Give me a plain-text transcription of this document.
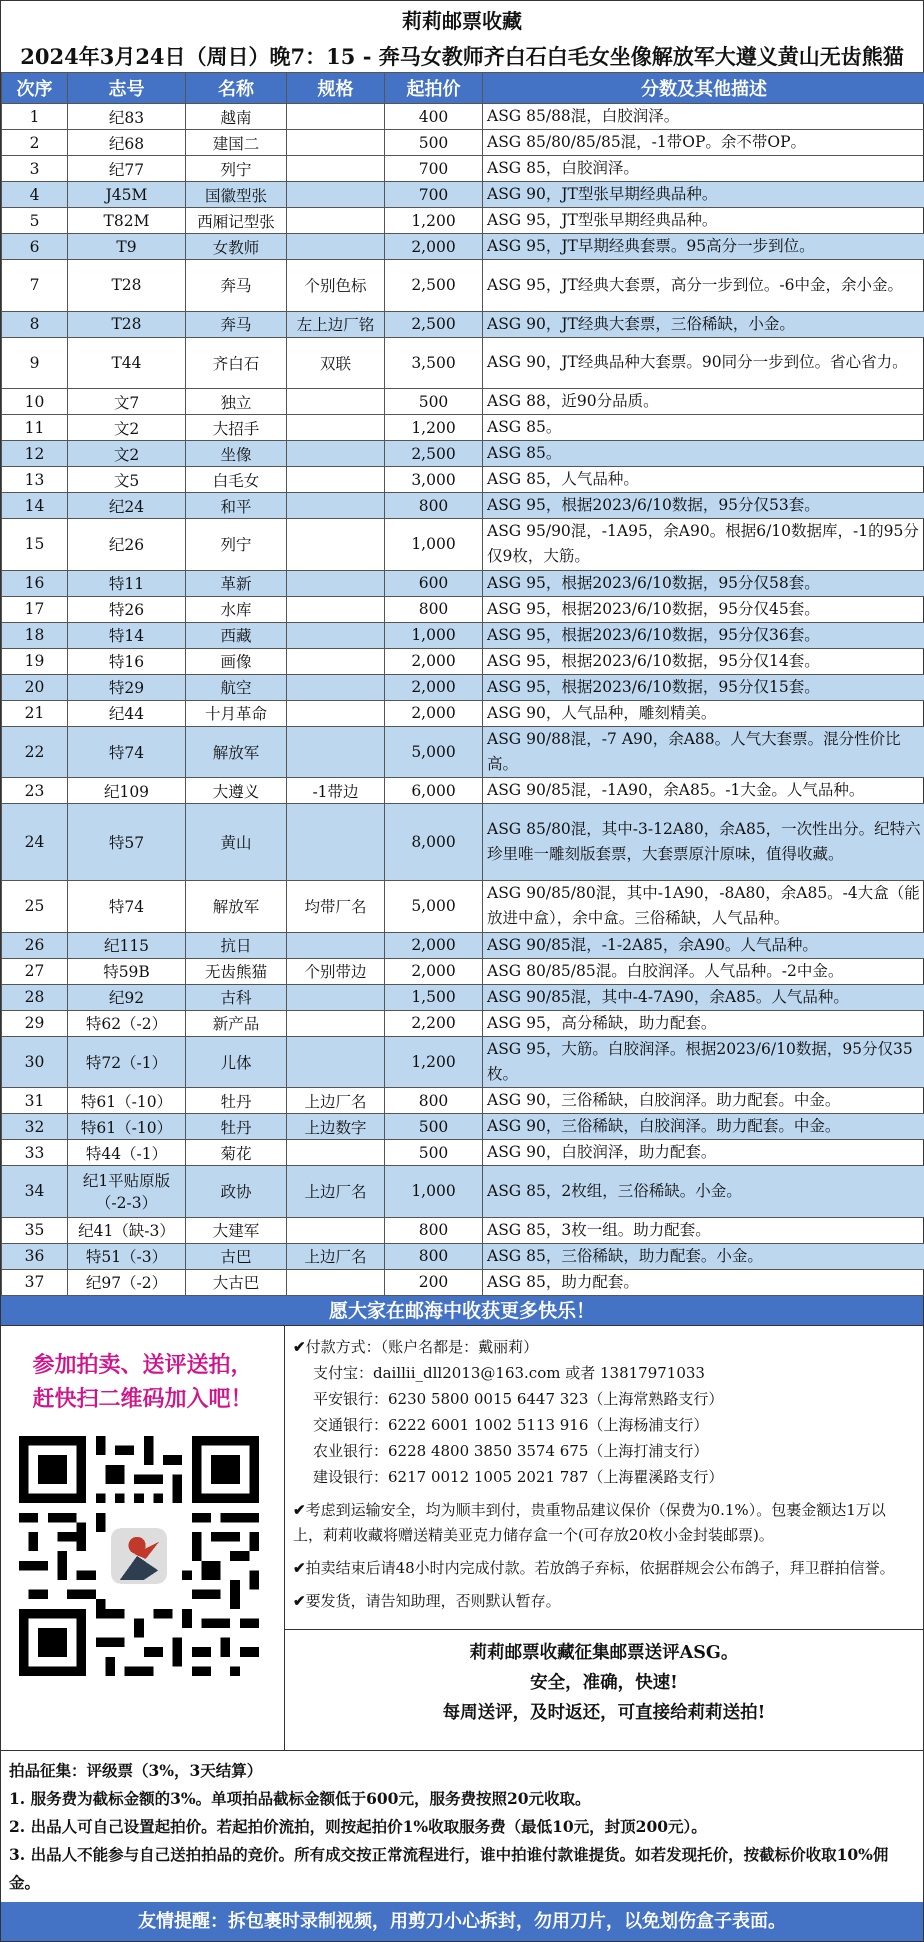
莉莉邮票收藏
2024年3月24日（周日）晚7：15 - 奔马女教师齐白石白毛女坐像解放军大遵义黄山无齿熊猫
次序	志号	名称	规格	起拍价	分数及其他描述
1	纪83	越南		400	ASG 85/88混，白胶润泽。
2	纪68	建国二		500	ASG 85/80/85/85混，-1带OP。余不带OP。
3	纪77	列宁		700	ASG 85，白胶润泽。
4	J45M	国徽型张		700	ASG 90，JT型张早期经典品种。
5	T82M	西厢记型张		1,200	ASG 95，JT型张早期经典品种。
6	T9	女教师		2,000	ASG 95，JT早期经典套票。95高分一步到位。
7	T28	奔马	个别色标	2,500	ASG 95，JT经典大套票，高分一步到位。-6中金，余小金。
8	T28	奔马	左上边厂铭	2,500	ASG 90，JT经典大套票，三俗稀缺，小金。
9	T44	齐白石	双联	3,500	ASG 90，JT经典品种大套票。90同分一步到位。省心省力。
10	文7	独立		500	ASG 88，近90分品质。
11	文2	大招手		1,200	ASG 85。
12	文2	坐像		2,500	ASG 85。
13	文5	白毛女		3,000	ASG 85，人气品种。
14	纪24	和平		800	ASG 95，根据2023/6/10数据，95分仅53套。
15	纪26	列宁		1,000	ASG 95/90混，-1A95，余A90。根据6/10数据库，-1的95分仅9枚，大筋。
16	特11	革新		600	ASG 95，根据2023/6/10数据，95分仅58套。
17	特26	水库		800	ASG 95，根据2023/6/10数据，95分仅45套。
18	特14	西藏		1,000	ASG 95，根据2023/6/10数据，95分仅36套。
19	特16	画像		2,000	ASG 95，根据2023/6/10数据，95分仅14套。
20	特29	航空		2,000	ASG 95，根据2023/6/10数据，95分仅15套。
21	纪44	十月革命		2,000	ASG 90，人气品种，雕刻精美。
22	特74	解放军		5,000	ASG 90/88混，-7 A90，余A88。人气大套票。混分性价比高。
23	纪109	大遵义	-1带边	6,000	ASG 90/85混，-1A90，余A85。-1大金。人气品种。
24	特57	黄山		8,000	ASG 85/80混，其中-3-12A80，余A85，一次性出分。纪特六珍里唯一雕刻版套票，大套票原汁原味，值得收藏。
25	特74	解放军	均带厂名	5,000	ASG 90/85/80混，其中-1A90，-8A80，余A85。-4大盒（能放进中盒），余中盒。三俗稀缺，人气品种。
26	纪115	抗日		2,000	ASG 90/85混，-1-2A85，余A90。人气品种。
27	特59B	无齿熊猫	个别带边	2,000	ASG 80/85/85混。白胶润泽。人气品种。-2中金。
28	纪92	古科		1,500	ASG 90/85混，其中-4-7A90，余A85。人气品种。
29	特62（-2）	新产品		2,200	ASG 95，高分稀缺，助力配套。
30	特72（-1）	儿体		1,200	ASG 95，大筋。白胶润泽。根据2023/6/10数据，95分仅35枚。
31	特61（-10）	牡丹	上边厂名	800	ASG 90，三俗稀缺，白胶润泽。助力配套。中金。
32	特61（-10）	牡丹	上边数字	500	ASG 90，三俗稀缺，白胶润泽。助力配套。中金。
33	特44（-1）	菊花		500	ASG 90，白胶润泽，助力配套。
34	纪1平贴原版（-2-3）	政协	上边厂名	1,000	ASG 85，2枚组，三俗稀缺。小金。
35	纪41（缺-3）	大建军		800	ASG 85，3枚一组。助力配套。
36	特51（-3）	古巴	上边厂名	800	ASG 85，三俗稀缺，助力配套。小金。
37	纪97（-2）	大古巴		200	ASG 85，助力配套。
愿大家在邮海中收获更多快乐！
参加拍卖、送评送拍，
赶快扫二维码加入吧！
✔付款方式：（账户名都是：戴丽莉）
支付宝：daillii_dll2013@163.com 或者 13817971033
平安银行：6230 5800 0015 6447 323（上海常熟路支行）
交通银行：6222 6001 1002 5113 916（上海杨浦支行）
农业银行：6228 4800 3850 3574 675（上海打浦支行）
建设银行：6217 0012 1005 2021 787（上海瞿溪路支行）
✔考虑到运输安全，均为顺丰到付，贵重物品建议保价（保费为0.1%）。包裹金额达1万以上，莉莉收藏将赠送精美亚克力储存盒一个(可存放20枚小金封装邮票)。
✔拍卖结束后请48小时内完成付款。若放鸽子弃标，依据群规会公布鸽子，拜卫群拍信誉。
✔要发货，请告知助理，否则默认暂存。
莉莉邮票收藏征集邮票送评ASG。
安全，准确，快速!
每周送评，及时返还，可直接给莉莉送拍!
拍品征集：评级票（3%，3天结算）
1. 服务费为截标金额的3%。单项拍品截标金额低于600元，服务费按照20元收取。
2. 出品人可自己设置起拍价。若起拍价流拍，则按起拍价1%收取服务费（最低10元，封顶200元）。
3. 出品人不能参与自己送拍拍品的竞价。所有成交按正常流程进行，谁中拍谁付款谁提货。如若发现托价，按截标价收取10%佣金。
友情提醒：拆包裹时录制视频，用剪刀小心拆封，勿用刀片，以免划伤盒子表面。
